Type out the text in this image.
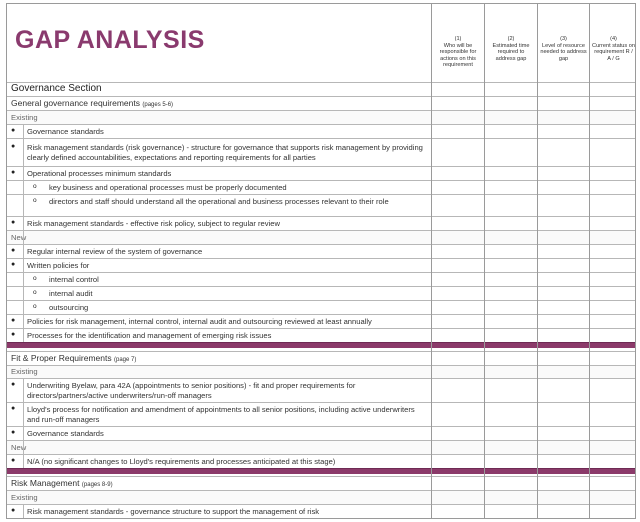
GAP ANALYSIS	(1)
Who will be responsible for actions on this requirement
(2)
Estimated time required to address gap
(3)
Level of resource needed to address gap
(4)
Current status on requirement R / A / G
Governance Section
General governance requirements (pages 5-6)
Existing
● Governance standards
● Risk management standards (risk governance) - structure for governance that supports risk management by providing clearly defined accountabilities, expectations and reporting requirements for all parties
● Operational processes minimum standards
o key business and operational processes must be properly documented
o directors and staff should understand all the operational and business processes relevant to their role
● Risk management standards - effective risk policy, subject to regular review
New
● Regular internal review of the system of governance
● Written policies for
o internal control
o internal audit
o outsourcing
● Policies for risk management, internal control, internal audit and outsourcing reviewed at least annually
● Processes for the identification and management of emerging risk issues
Fit & Proper Requirements (page 7)
Existing
● Underwriting Byelaw, para 42A (appointments to senior positions) - fit and proper requirements for directors/partners/active underwriters/run-off managers
● Lloyd's process for notification and amendment of appointments to all senior positions, including active underwriters and run-off managers
● Governance standards
New
● N/A (no significant changes to Lloyd's requirements and processes anticipated at this stage)
Risk Management (pages 8-9)
Existing
● Risk management standards - governance structure to support the management of risk
